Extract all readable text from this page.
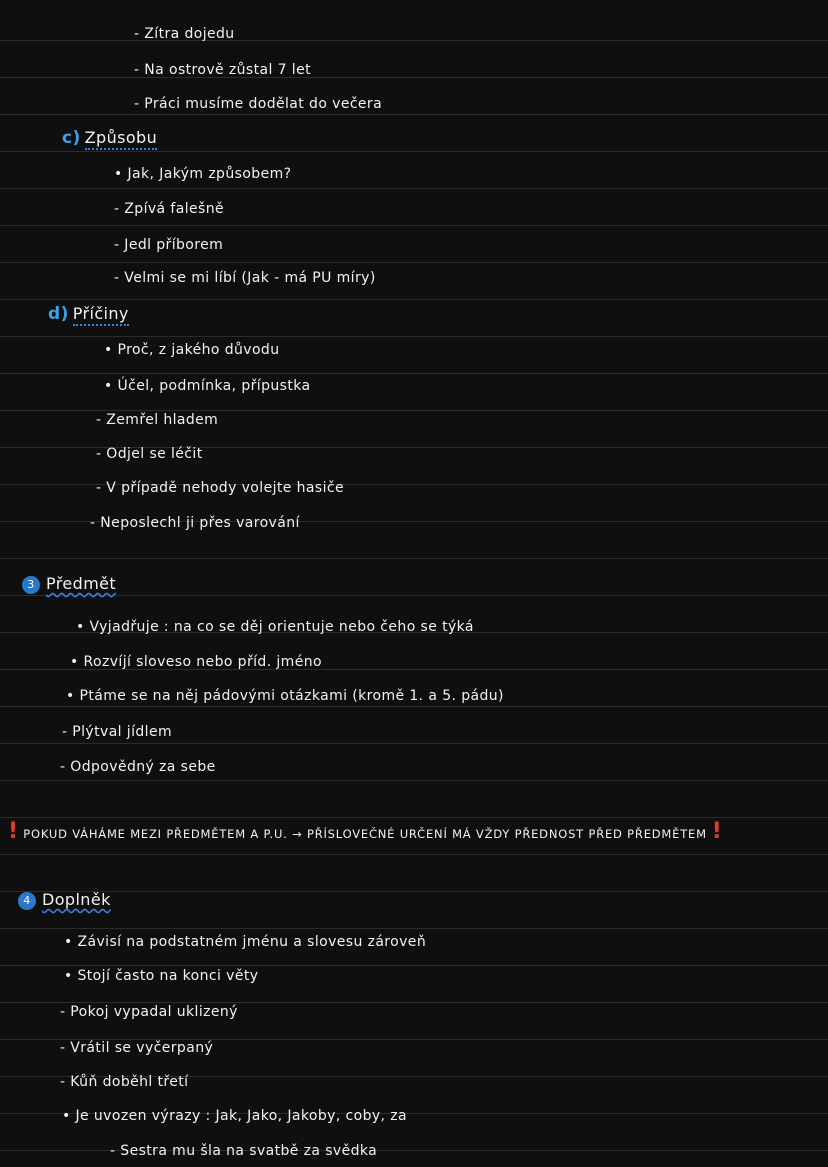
- Zítra dojedu
- Na ostrově zůstal 7 let
- Práci musíme dodělat do večera
c) Způsobu
• Jak, Jakým způsobem?
- Zpívá falešně
- Jedl příborem
- Velmi se mi líbí (Jak - má PU míry)
d) Příčiny
• Proč, z jakého důvodu
• Účel, podmínka, přípustka
- Zemřel hladem
- Odjel se léčit
- V případě nehody volejte hasiče
- Neposlechl ji přes varování
3 Předmět
• Vyjadřuje : na co se děj orientuje nebo čeho se týká
• Rozvíjí sloveso nebo příd. jméno
• Ptáme se na něj pádovými otázkami (kromě 1. a 5. pádu)
- Plýtval jídlem
- Odpovědný za sebe
! POKUD VÁHÁME MEZI PŘEDMĚTEM A P.U. → PŘÍSLOVEČNÉ URČENÍ MÁ VŽDY PŘEDNOST PŘED PŘEDMĚTEM !
4 Doplněk
• Závisí na podstatném jménu a slovesu zároveň
• Stojí často na konci věty
- Pokoj vypadal uklizený
- Vrátil se vyčerpaný
- Kůň doběhl třetí
• Je uvozen výrazy : Jak, Jako, Jakoby, coby, za
- Sestra mu šla na svatbě za svědka
